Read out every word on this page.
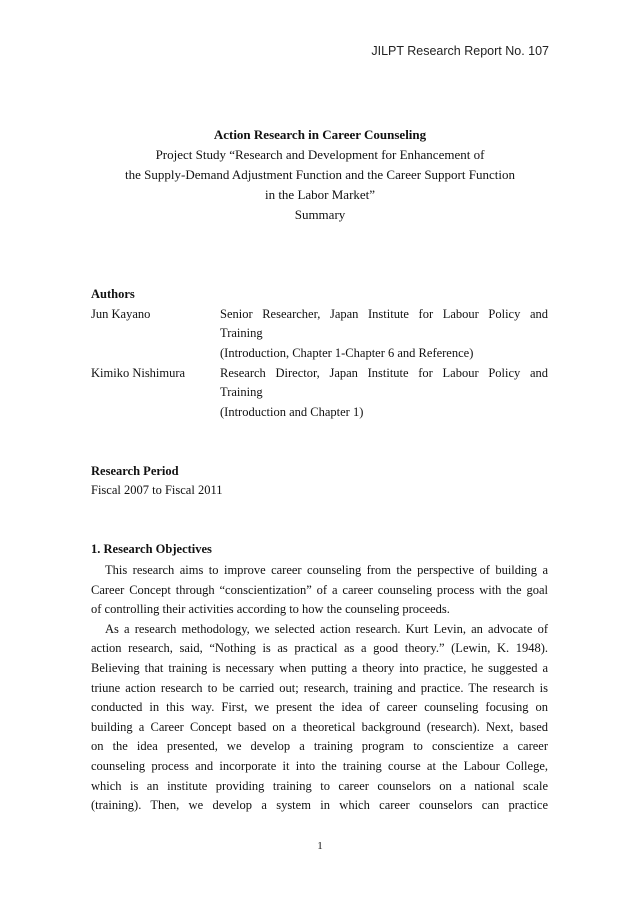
JILPT Research Report No. 107
Action Research in Career Counseling
Project Study “Research and Development for Enhancement of
the Supply-Demand Adjustment Function and the Career Support Function
in the Labor Market”
Summary
Authors
Jun Kayano	Senior Researcher, Japan Institute for Labour Policy and
Training
(Introduction, Chapter 1-Chapter 6 and Reference)
Kimiko Nishimura	Research Director, Japan Institute for Labour Policy and
Training
(Introduction and Chapter 1)
Research Period
Fiscal 2007 to Fiscal 2011
1. Research Objectives
This research aims to improve career counseling from the perspective of building a
Career Concept through “conscientization” of a career counseling process with the goal
of controlling their activities according to how the counseling proceeds.
As a research methodology, we selected action research. Kurt Levin, an advocate of
action research, said, “Nothing is as practical as a good theory.” (Lewin, K. 1948).
Believing that training is necessary when putting a theory into practice, he suggested a
triune action research to be carried out; research, training and practice. The research is
conducted in this way. First, we present the idea of career counseling focusing on
building a Career Concept based on a theoretical background (research). Next, based
on the idea presented, we develop a training program to conscientize a career
counseling process and incorporate it into the training course at the Labour College,
which is an institute providing training to career counselors on a national scale
(training). Then, we develop a system in which career counselors can practice
1
